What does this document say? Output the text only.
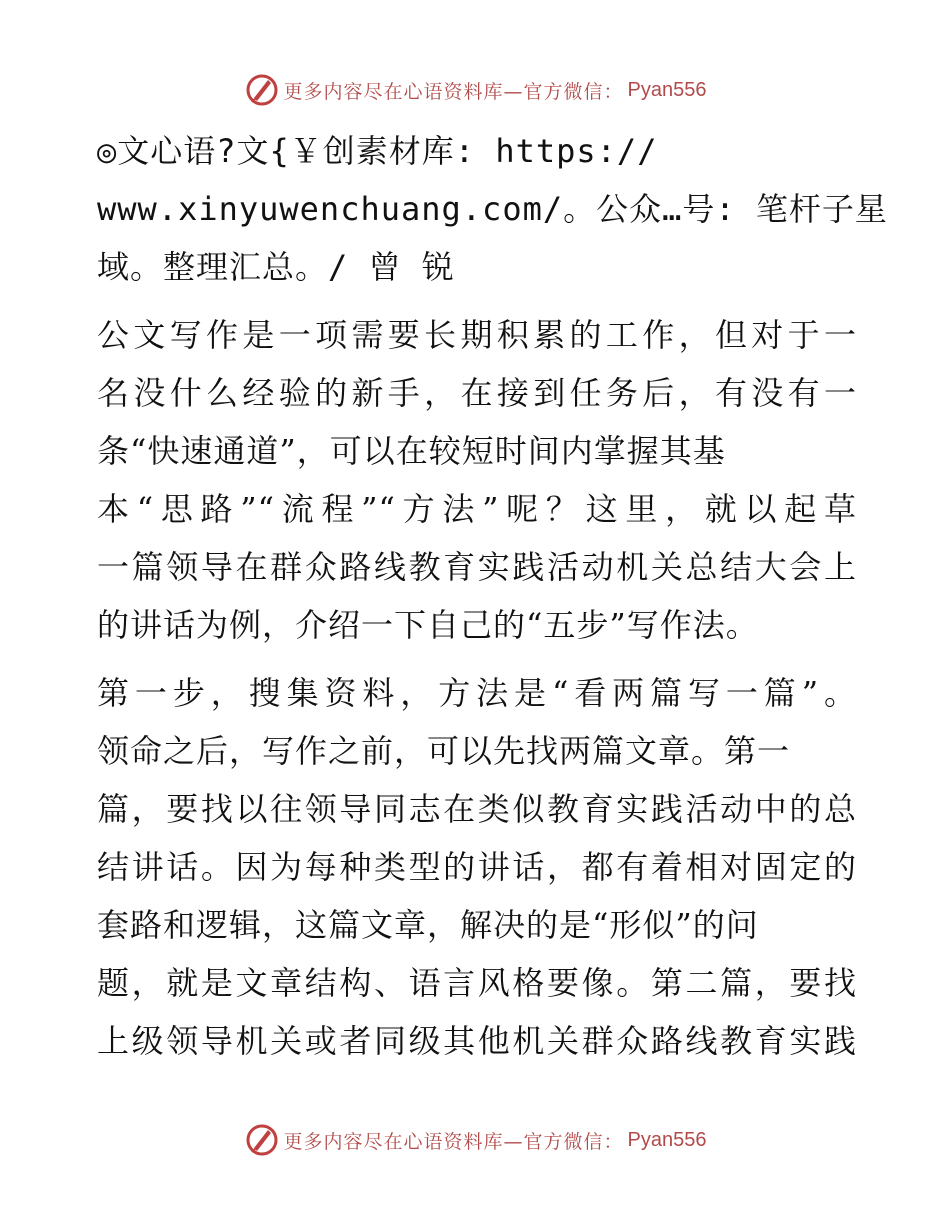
更多内容尽在心语资料库—官方微信： Pyan556

◎文心语?文{￥创素材库: https://
www.xinyuwenchuang.com/。公众…号: 笔杆子星
域。整理汇总。/ 曾 锐

公文写作是一项需要长期积累的工作，但对于一
名没什么经验的新手，在接到任务后，有没有一
条“快速通道”，可以在较短时间内掌握其基
本“思路”“流程”“方法”呢？这里，就以起草
一篇领导在群众路线教育实践活动机关总结大会上
的讲话为例，介绍一下自己的“五步”写作法。

第一步，搜集资料，方法是“看两篇写一篇”。
领命之后，写作之前，可以先找两篇文章。第一
篇，要找以往领导同志在类似教育实践活动中的总
结讲话。因为每种类型的讲话，都有着相对固定的
套路和逻辑，这篇文章，解决的是“形似”的问
题，就是文章结构、语言风格要像。第二篇，要找
上级领导机关或者同级其他机关群众路线教育实践

更多内容尽在心语资料库—官方微信： Pyan556
